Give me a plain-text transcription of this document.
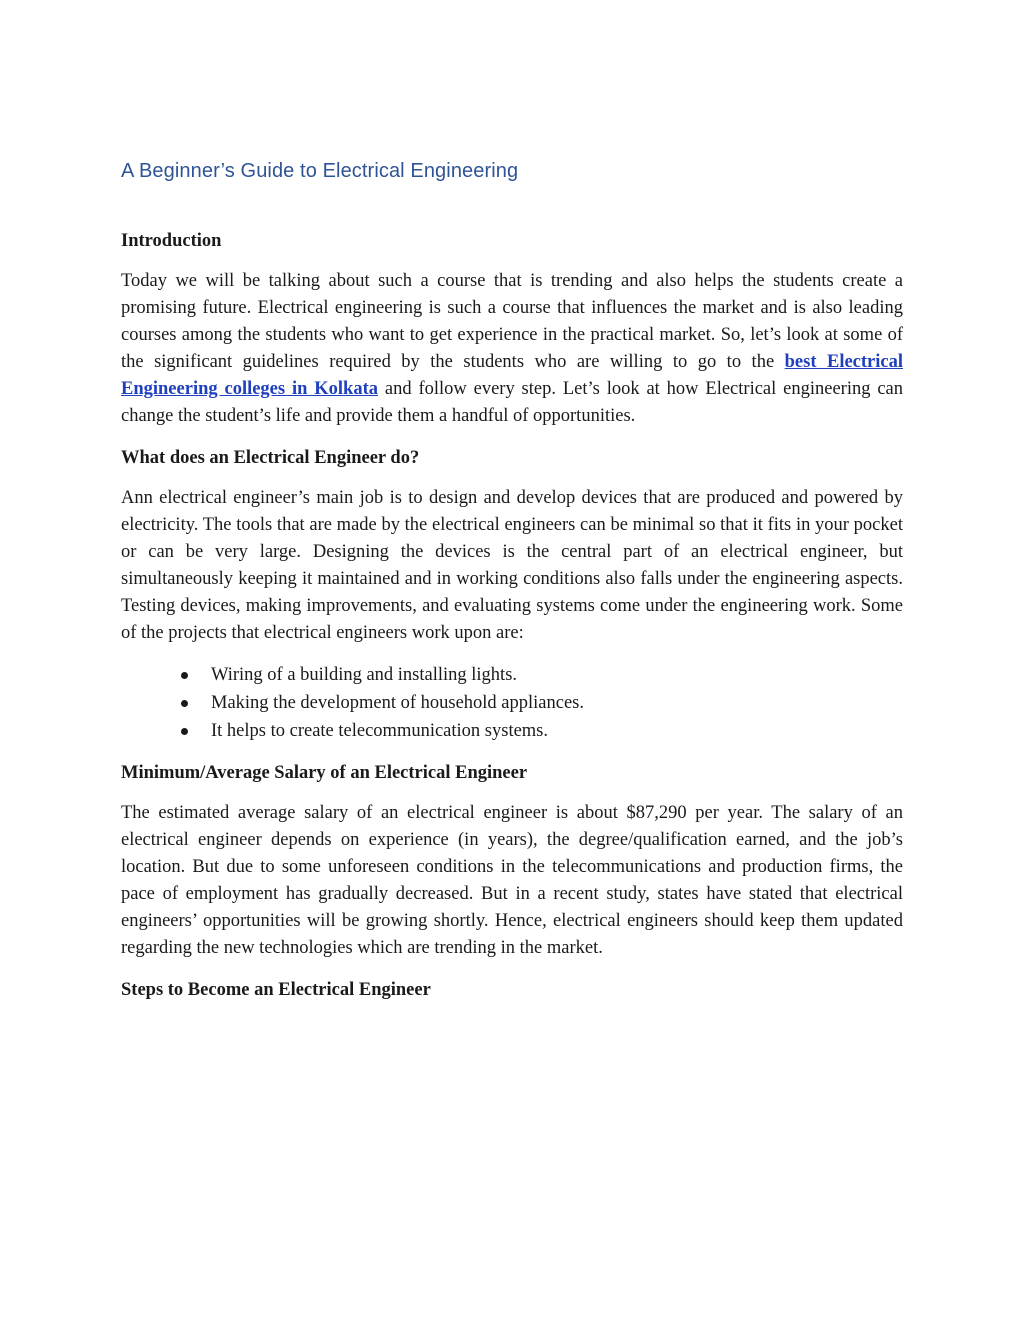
A Beginner’s Guide to Electrical Engineering
Introduction

Today we will be talking about such a course that is trending and also helps the students create a promising future. Electrical engineering is such a course that influences the market and is also leading courses among the students who want to get experience in the practical market. So, let’s look at some of the significant guidelines required by the students who are willing to go to the best Electrical Engineering colleges in Kolkata and follow every step. Let’s look at how Electrical engineering can change the student’s life and provide them a handful of opportunities.

What does an Electrical Engineer do?

Ann electrical engineer’s main job is to design and develop devices that are produced and powered by electricity. The tools that are made by the electrical engineers can be minimal so that it fits in your pocket or can be very large. Designing the devices is the central part of an electrical engineer, but simultaneously keeping it maintained and in working conditions also falls under the engineering aspects. Testing devices, making improvements, and evaluating systems come under the engineering work. Some of the projects that electrical engineers work upon are:

Wiring of a building and installing lights.
Making the development of household appliances.
It helps to create telecommunication systems.
Minimum/Average Salary of an Electrical Engineer

The estimated average salary of an electrical engineer is about $87,290 per year. The salary of an electrical engineer depends on experience (in years), the degree/qualification earned, and the job’s location. But due to some unforeseen conditions in the telecommunications and production firms, the pace of employment has gradually decreased. But in a recent study, states have stated that electrical engineers’ opportunities will be growing shortly. Hence, electrical engineers should keep them updated regarding the new technologies which are trending in the market.

Steps to Become an Electrical Engineer
